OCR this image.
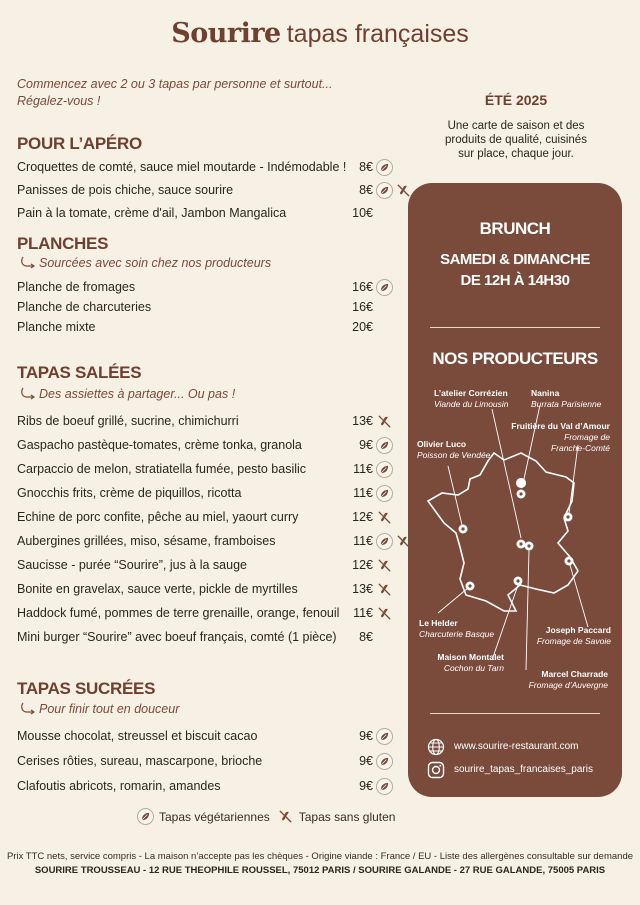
Sourire tapas françaises
Commencez avec 2 ou 3 tapas par personne et surtout...
Régalez-vous !
POUR L’APÉRO
PLANCHES
Sourcées avec soin chez nos producteurs
TAPAS SALÉES
Des assiettes à partager... Ou pas !
TAPAS SUCRÉES
Pour finir tout en douceur
Croquettes de comté, sauce miel moutarde - Indémodable !	8€
Panisses de pois chiche, sauce sourire	8€
Pain à la tomate, crème d'ail, Jambon Mangalica	10€
Planche de fromages	16€
Planche de charcuteries	16€
Planche mixte	20€
Ribs de boeuf grillé, sucrine, chimichurri	13€
Gaspacho pastèque-tomates, crème tonka, granola	9€
Carpaccio de melon, stratiatella fumée, pesto basilic	11€
Gnocchis frits, crème de piquillos, ricotta	11€
Echine de porc confite, pêche au miel, yaourt curry	12€
Aubergines grillées, miso, sésame, framboises	11€
Saucisse - purée “Sourire”, jus à la sauge	12€
Bonite en gravelax, sauce verte, pickle de myrtilles	13€
Haddock fumé, pommes de terre grenaille, orange, fenouil	11€
Mini burger “Sourire” avec boeuf français, comté (1 pièce)	8€
Mousse chocolat, streussel et biscuit cacao	9€
Cerises rôties, sureau, mascarpone, brioche	9€
Clafoutis abricots, romarin, amandes	9€
Tapas végétariennes Tapas sans gluten
Prix TTC nets, service compris - La maison n’accepte pas les chèques - Origine viande : France / EU - Liste des allergènes consultable sur demande
SOURIRE TROUSSEAU - 12 RUE THEOPHILE ROUSSEL, 75012 PARIS / SOURIRE GALANDE - 27 RUE GALANDE, 75005 PARIS
ÉTÉ 2025
Une carte de saison et des
produits de qualité, cuisinés
sur place, chaque jour.
BRUNCH
SAMEDI & DIMANCHE
DE 12H À 14H30
NOS PRODUCTEURS
L’atelier Corrézien
Viande du Limousin
Nanina
Burrata Parisienne
Fruitière du Val d’Amour
Fromage de
Franche-Comté
Olivier Luco
Poisson de Vendée
Le Helder
Charcuterie Basque	Joseph Paccard
Fromage de Savoie
Maison Montalet
Cochon du Tarn
Marcel Charrade
Fromage d’Auvergne
www.sourire-restaurant.com
sourire_tapas_francaises_paris
